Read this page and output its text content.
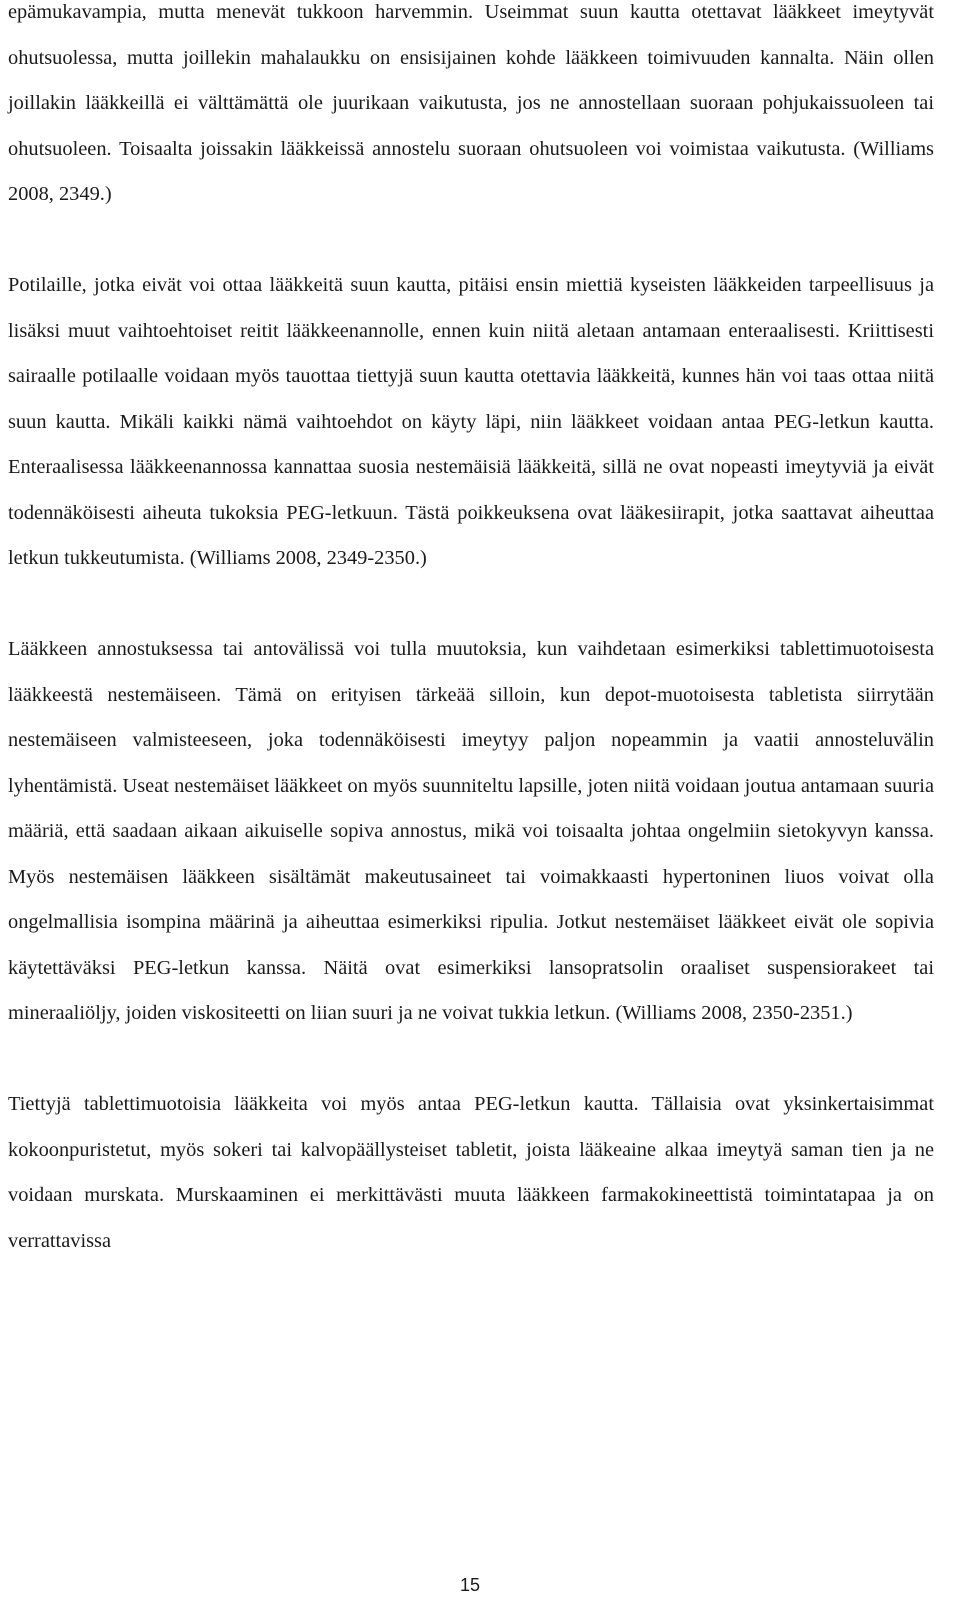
epämukavampia, mutta menevät tukkoon harvemmin. Useimmat suun kautta otettavat lääkkeet imeytyvät ohutsuolessa, mutta joillekin mahalaukku on ensisijainen kohde lääkkeen toimivuuden kannalta. Näin ollen joillakin lääkkeillä ei välttämättä ole juurikaan vaikutusta, jos ne annostellaan suoraan pohjukaissuoleen tai ohutsuoleen. Toisaalta joissakin lääkkeissä annostelu suoraan ohutsuoleen voi voimistaa vaikutusta. (Williams 2008, 2349.)

Potilaille, jotka eivät voi ottaa lääkkeitä suun kautta, pitäisi ensin miettiä kyseisten lääkkeiden tarpeellisuus ja lisäksi muut vaihtoehtoiset reitit lääkkeenannolle, ennen kuin niitä aletaan antamaan enteraalisesti. Kriittisesti sairaalle potilaalle voidaan myös tauottaa tiettyjä suun kautta otettavia lääkkeitä, kunnes hän voi taas ottaa niitä suun kautta. Mikäli kaikki nämä vaihtoehdot on käyty läpi, niin lääkkeet voidaan antaa PEG-letkun kautta. Enteraalisessa lääkkeenannossa kannattaa suosia nestemäisiä lääkkeitä, sillä ne ovat nopeasti imeytyviä ja eivät todennäköisesti aiheuta tukoksia PEG-letkuun. Tästä poikkeuksena ovat lääkesiirapit, jotka saattavat aiheuttaa letkun tukkeutumista. (Williams 2008, 2349-2350.)

Lääkkeen annostuksessa tai antovälissä voi tulla muutoksia, kun vaihdetaan esimerkiksi tablettimuotoisesta lääkkeestä nestemäiseen. Tämä on erityisen tärkeää silloin, kun depot-muotoisesta tabletista siirrytään nestemäiseen valmisteeseen, joka todennäköisesti imeytyy paljon nopeammin ja vaatii annosteluvälin lyhentämistä. Useat nestemäiset lääkkeet on myös suunniteltu lapsille, joten niitä voidaan joutua antamaan suuria määriä, että saadaan aikaan aikuiselle sopiva annostus, mikä voi toisaalta johtaa ongelmiin sietokyvyn kanssa. Myös nestemäisen lääkkeen sisältämät makeutusaineet tai voimakkaasti hypertoninen liuos voivat olla ongelmallisia isompina määrinä ja aiheuttaa esimerkiksi ripulia. Jotkut nestemäiset lääkkeet eivät ole sopivia käytettäväksi PEG-letkun kanssa. Näitä ovat esimerkiksi lansopratsolin oraaliset suspensiorakeet tai mineraaliöljy, joiden viskositeetti on liian suuri ja ne voivat tukkia letkun. (Williams 2008, 2350-2351.)

Tiettyjä tablettimuotoisia lääkkeita voi myös antaa PEG-letkun kautta. Tällaisia ovat yksinkertaisimmat kokoonpuristetut, myös sokeri tai kalvopäällysteiset tabletit, joista lääkeaine alkaa imeytyä saman tien ja ne voidaan murskata. Murskaaminen ei merkittävästi muuta lääkkeen farmakokineettistä toimintatapaa ja on verrattavissa

15
